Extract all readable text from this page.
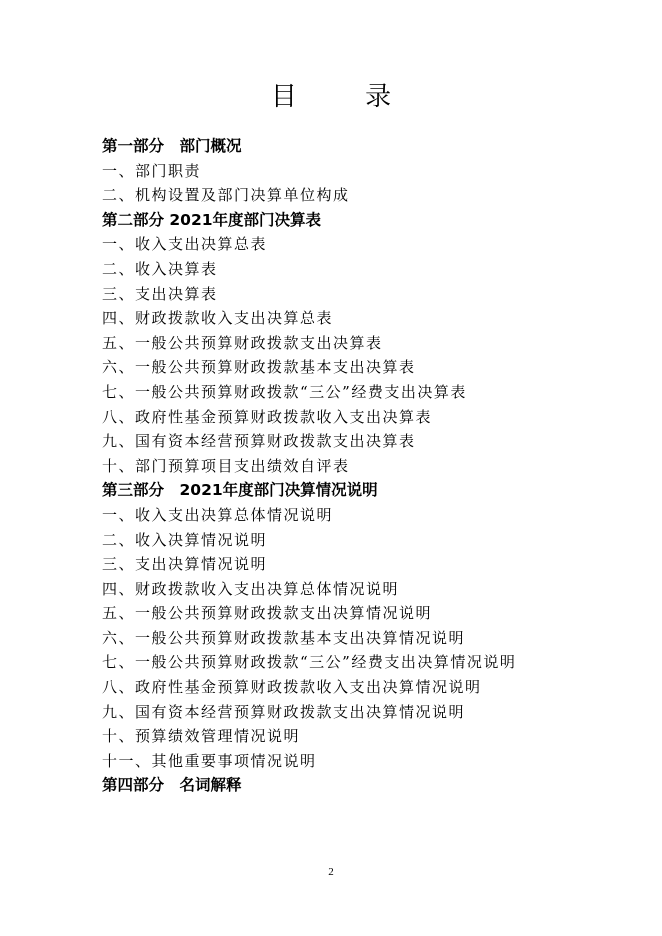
目 录
第一部分　部门概况
一、部门职责
二、机构设置及部门决算单位构成
第二部分 2021年度部门决算表
一、收入支出决算总表
二、收入决算表
三、支出决算表
四、财政拨款收入支出决算总表
五、一般公共预算财政拨款支出决算表
六、一般公共预算财政拨款基本支出决算表
七、一般公共预算财政拨款“三公”经费支出决算表
八、政府性基金预算财政拨款收入支出决算表
九、国有资本经营预算财政拨款支出决算表
十、部门预算项目支出绩效自评表
第三部分　2021年度部门决算情况说明
一、收入支出决算总体情况说明
二、收入决算情况说明
三、支出决算情况说明
四、财政拨款收入支出决算总体情况说明
五、一般公共预算财政拨款支出决算情况说明
六、一般公共预算财政拨款基本支出决算情况说明
七、一般公共预算财政拨款“三公”经费支出决算情况说明
八、政府性基金预算财政拨款收入支出决算情况说明
九、国有资本经营预算财政拨款支出决算情况说明
十、预算绩效管理情况说明
十一、其他重要事项情况说明
第四部分　名词解释
2
